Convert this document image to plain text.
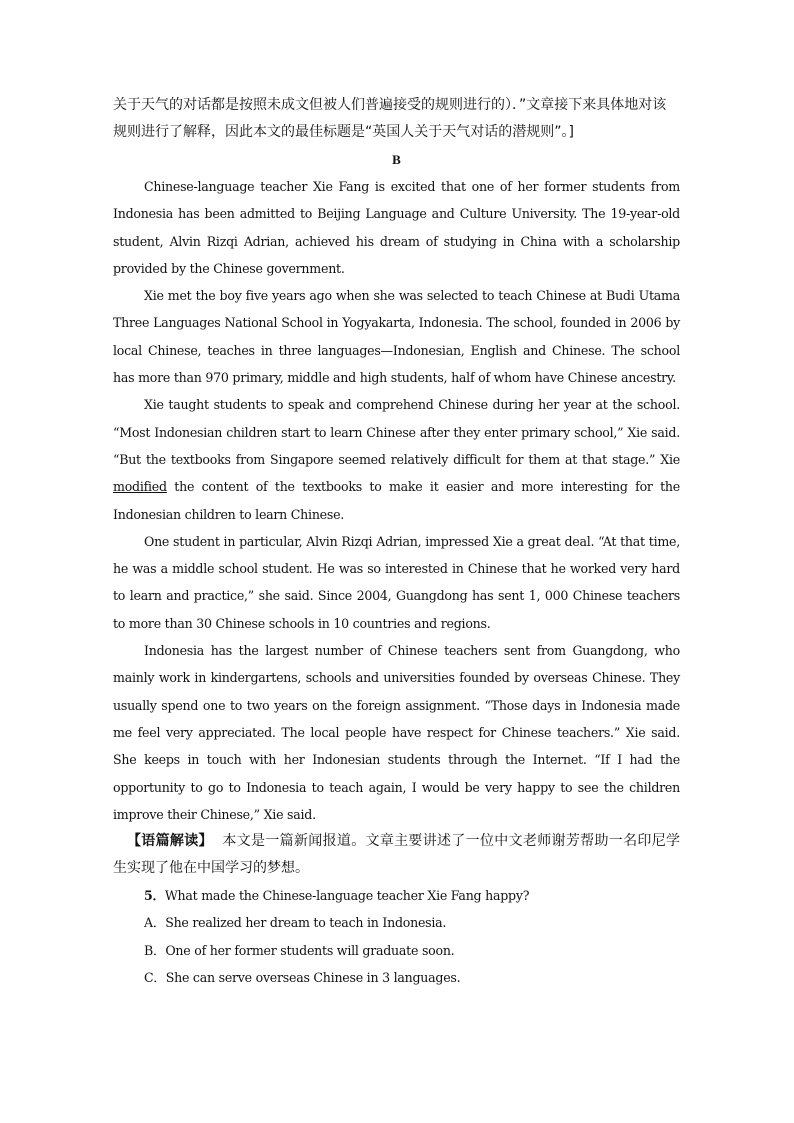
关于天气的对话都是按照未成文但被人们普遍接受的规则进行的）．”文章接下来具体地对该
规则进行了解释，因此本文的最佳标题是“英国人关于天气对话的潜规则”。]

B

Chinese-language teacher Xie Fang is excited that one of her former students from Indonesia has been admitted to Beijing Language and Culture University. The 19-year-old student, Alvin Rizqi Adrian, achieved his dream of studying in China with a scholarship provided by the Chinese government.

Xie met the boy five years ago when she was selected to teach Chinese at Budi Utama Three Languages National School in Yogyakarta, Indonesia. The school, founded in 2006 by local Chinese, teaches in three languages—Indonesian, English and Chinese. The school has more than 970 primary, middle and high students, half of whom have Chinese ancestry.

Xie taught students to speak and comprehend Chinese during her year at the school. “Most Indonesian children start to learn Chinese after they enter primary school,” Xie said. “But the textbooks from Singapore seemed relatively difficult for them at that stage.” Xie modified the content of the textbooks to make it easier and more interesting for the Indonesian children to learn Chinese.

One student in particular, Alvin Rizqi Adrian, impressed Xie a great deal. “At that time, he was a middle school student. He was so interested in Chinese that he worked very hard to learn and practice,” she said. Since 2004, Guangdong has sent 1, 000 Chinese teachers to more than 30 Chinese schools in 10 countries and regions.

Indonesia has the largest number of Chinese teachers sent from Guangdong, who mainly work in kindergartens, schools and universities founded by overseas Chinese. They usually spend one to two years on the foreign assignment. “Those days in Indonesia made me feel very appreciated. The local people have respect for Chinese teachers.” Xie said. She keeps in touch with her Indonesian students through the Internet. “If I had the opportunity to go to Indonesia to teach again, I would be very happy to see the children improve their Chinese,” Xie said.

【语篇解读】 本文是一篇新闻报道。文章主要讲述了一位中文老师谢芳帮助一名印尼学生实现了他在中国学习的梦想。

5．What made the Chinese-language teacher Xie Fang happy?

A．She realized her dream to teach in Indonesia.

B．One of her former students will graduate soon.

C．She can serve overseas Chinese in 3 languages.
